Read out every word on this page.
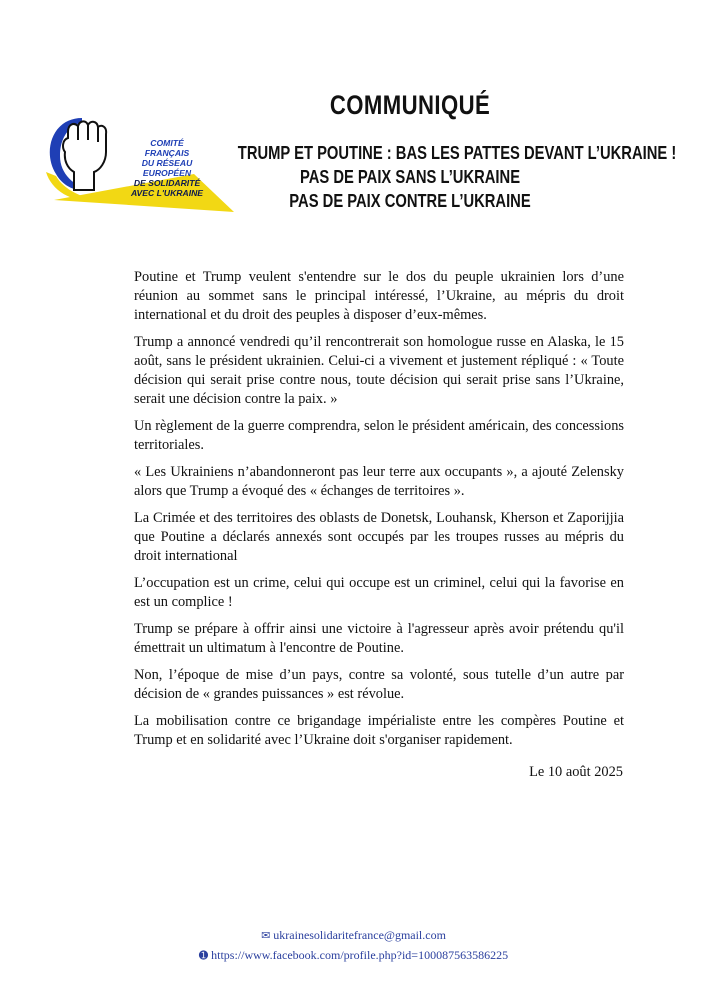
COMITÉ
FRANÇAIS
DU RÉSEAU
EUROPÉEN
DE SOLIDARITÉ
AVEC L'UKRAINE
COMMUNIQUÉ
TRUMP ET POUTINE : BAS LES PATTES DEVANT L’UKRAINE !
PAS DE PAIX SANS L’UKRAINE
PAS DE PAIX CONTRE L’UKRAINE

Poutine et Trump veulent s'entendre sur le dos du peuple ukrainien lors d’une réunion au sommet sans le principal intéressé, l’Ukraine, au mépris du droit international et du droit des peuples à disposer d’eux-mêmes.

Trump a annoncé vendredi qu’il rencontrerait son homologue russe en Alaska, le 15 août, sans le président ukrainien. Celui-ci a vivement et justement répliqué : « Toute décision qui serait prise contre nous, toute décision qui serait prise sans l’Ukraine, serait une décision contre la paix. »

Un règlement de la guerre comprendra, selon le président américain, des concessions territoriales.

« Les Ukrainiens n’abandonneront pas leur terre aux occupants », a ajouté Zelensky alors que Trump a évoqué des « échanges de territoires ».

La Crimée et des territoires des oblasts de Donetsk, Louhansk, Kherson et Zaporijjia que Poutine a déclarés annexés sont occupés par les troupes russes au mépris du droit international

L’occupation est un crime, celui qui occupe est un criminel, celui qui la favorise en est un complice !

Trump se prépare à offrir ainsi une victoire à l'agresseur après avoir prétendu qu'il émettrait un ultimatum à l'encontre de Poutine.

Non, l’époque de mise d’un pays, contre sa volonté, sous tutelle d’un autre par décision de « grandes puissances » est révolue.

La mobilisation contre ce brigandage impérialiste entre les compères Poutine et Trump et en solidarité avec l’Ukraine doit s'organiser rapidement.

Le 10 août 2025
✉ ukrainesolidaritefrance@gmail.com
➊ https://www.facebook.com/profile.php?id=100087563586225
